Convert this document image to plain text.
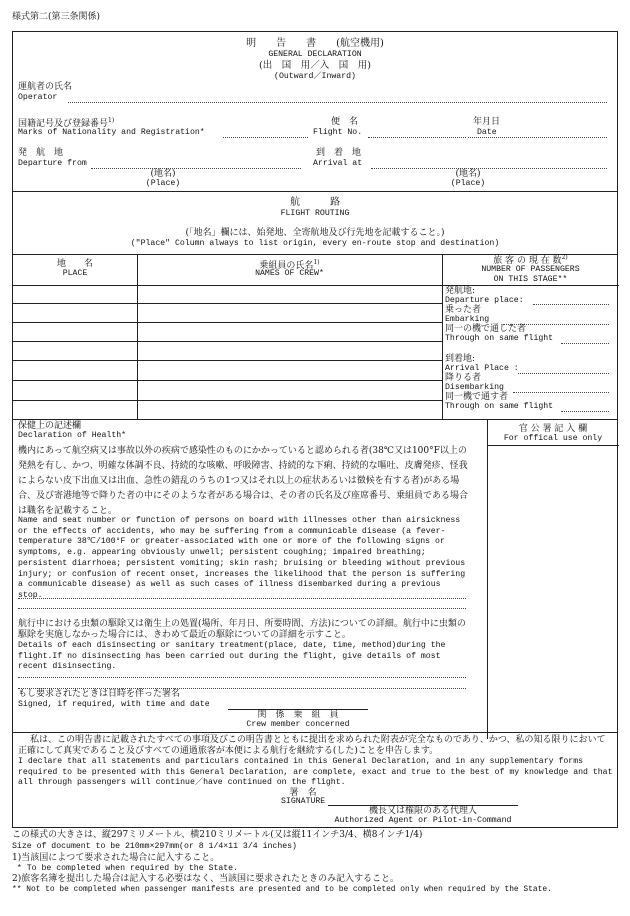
様式第二(第三条関係)
明　　告　　書　　(航空機用)
GENERAL DECLARATION
(出　国　用／入　国　用)
(Outward／Inward)
運航者の氏名
Operator
国籍記号及び登録番号$^{1)}$
Marks of Nationality and Registration*
便　名
Flight No.
年月日
Date
発　航　地
Departure from
(地名)
(Place)
到　着　地
Arrival at
(地名)
(Place)
航　　　路
FLIGHT ROUTING
(「地名」欄には、始発地、全寄航地及び行先地を記載すること。)
("Place" Column always to list origin, every en-route stop and destination)
地　　名
PLACE
乗組員の氏名$^{1)}$
NAMES OF CREW*
旅 客 の 現 在 数$^{2)}$
NUMBER OF PASSENGERS
ON THIS STAGE**
発航地:
Departure place:
乗った者
Embarking
同一の機で通した者
Through on same flight
到着地:
Arrival Place :
降りる者
Disembarking
同一機で通す者
Through on same flight
保健上の記述欄
Declaration of Health*
官 公 署 記 入 欄
For offical use only
機内にあって航空病又は事故以外の疾病で感染性のものにかかっていると認められる者(38℃又は100°F以上の発熱を有し、かつ、明確な体調不良、持続的な咳嗽、呼吸障害、持続的な下痢、持続的な嘔吐、皮膚発疹、怪我によらない皮下出血又は出血、急性の錯乱のうちの1つ又はそれ以上の症状あるいは徴候を有する者)がある場合、及び寄港地等で降りた者の中にそのような者がある場合は、その者の氏名及び座席番号、乗組員である場合は職名を記載すること。
Name and seat number or function of persons on board with illnesses other than airsickness or the effects of accidents, who may be suffering from a communicable disease (a fever-temperature 38℃/100°F or greater-associated with one or more of the following signs or symptoms, e.g. appearing obviously unwell; persistent coughing; impaired breathing; persistent diarrhoea; persistent vomiting; skin rash; bruising or bleeding without previous injury; or confusion of recent onset, increases the likelihood that the person is suffering a communicable disease) as well as such cases of illness disembarked during a previous stop.
航行中における虫類の駆除又は衛生上の処置(場所、年月日、所要時間、方法)についての詳細。航行中に虫類の駆除を実施しなかった場合には、きわめて最近の駆除についての詳細を示すこと。
Details of each disinsecting or sanitary treatment(place, date, time, method)during the flight.If no disinsecting has been carried out during the flight, give details of most recent disinsecting.
もし要求されたときは日時を伴った署名
Signed, if required, with time and date
関　係　乗　組　員
Crew member concerned
私は、この明告書に記載されたすべての事項及びこの明告書とともに提出を求められた附表が完全なものであり、かつ、私の知る限りにおいて正確にして真実であること及びすべての通過旅客が本便による航行を継続する(した)ことを申告します。
I declare that all statements and particulars contained in this General Declaration, and in any supplementary forms required to be presented with this General Declaration, are complete, exact and true to the best of my knowledge and that all through passengers will continue／have continued on the flight.
署　名
SIGNATURE
機長又は権限のある代理人
Authorized Agent or Pilot-in-Command
この様式の大きさは、縦297ミリメートル、横210ミリメートル(又は縦11インチ3/4、横8インチ1/4)
Size of document to be 210mm×297mm(or 8 1/4×11 3/4 inches)
1)当該国によつて要求された場合に記入すること。
* To be completed when required by the State.
2)旅客名簿を提出した場合は記入する必要はなく、当該国に要求されたときのみ記入すること。
** Not to be completed when passenger manifests are presented and to be completed only when required by the State.
